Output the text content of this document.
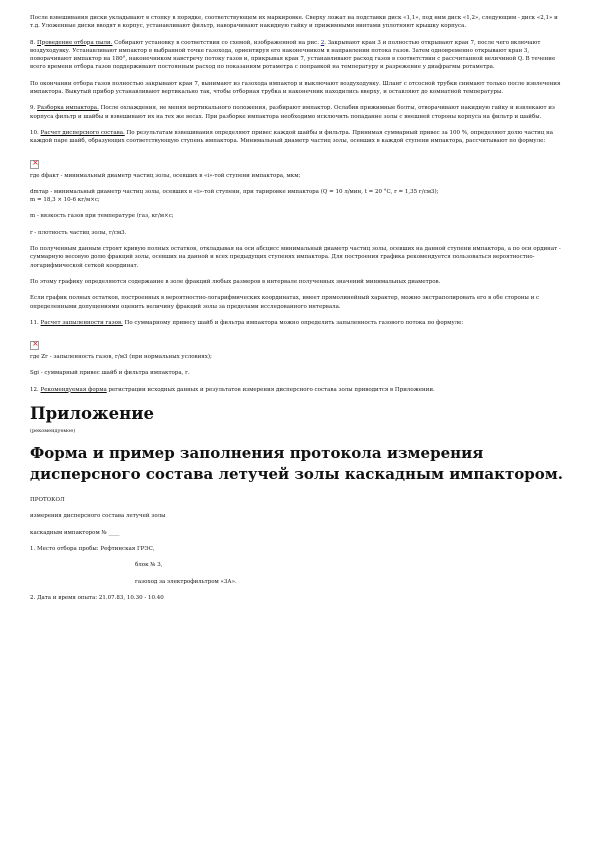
После взвешивания диски укладывают в стопку в порядке, соответствующем их маркировке. Сверху ложат на подставки диск «1,1», под ним диск «1,2», следующим - диск «2,1» и т.д. Уложенные диски вводят в корпус, устанавливают фильтр, наворачивают накидную гайку и прижимными винтами уплотняют крышку корпуса.

8. Проведение отбора пыли. Собирают установку в соответствии со схемой, изображенной на рис. 2. Закрывают кран 3 и полностью открывают кран 7, после чего включают воздуходувку. Устанавливают импактор в выбранной точке газохода, ориентируя его наконечником в направлении потока газов. Затем одновременно открывают кран 3, поворачивают импактор на 180°, наконечником навстречу потоку газов и, прикрывая кран 7, устанавливают расход газов в соответствии с рассчитанной величиной Q. В течение всего времени отбора газов поддерживают постоянным расход по показаниям ротаметра с поправкой на температуру и разрежение у диафрагмы ротаметра.

По окончании отбора газов полностью закрывают кран 7, вынимают из газохода импактор и выключают воздуходувку. Шланг с отсосной трубки снимают только после извлечения импактора. Выкутый прибор устанавливают вертикально так, чтобы отборная трубка и наконечник находились вверху, и оставляют до комнатной температуры.

9. Разборка импактора. После охлаждения, не меняя вертикального положения, разбирают импактор. Ослабив прижимные болты, отворачивают накидную гайку и извлекают из корпуса фильтр и шайбы и взвешивают их на тех же весах. При разборке импактора необходимо исключить попадание золы с внешней стороны корпуса на фильтр и шайбы.

10. Расчет дисперсного состава. По результатам взвешивания определяют привес каждой шайбы и фильтра. Принимая суммарный привес за 100 %, определяют долю частиц на каждой паре шайб, образующих соответствующую ступень импактора. Минимальный диаметр частиц золы, осевших в каждой ступени импактора, рассчитывают по формуле:

×

где dфакт - минимальный диаметр частиц золы, осевших в «i»-той ступени импактора, мкм;

dmтар - минимальный диаметр частиц золы, осевших в «i»-той ступени, при тарировке импактора (Q = 10 л/мин, t = 20 °С, r = 1,35 г/см3);

m = 18,3 × 10-6 кг/м×с;

m - вязкость газов при температуре (газ, кг/м×с;

r - плотность частиц золы, г/см3.

По полученным данным строят кривую полных остатков, откладывая на оси абсцисс минимальный диаметр частиц золы, осевших на данной ступени импактора, а по оси ординат - суммарную весовую долю фракций золы, осевших на данной и всех предыдущих ступенях импактора. Для построения графика рекомендуется пользоваться вероятностно-логарифмической сеткой координат.

По этому графику определяются содержание в золе фракций любых размеров в интервале полученных значений минимальных диаметров.

Если график полных остатков, построенных в вероятностно-логарифмических координатах, имеет прямолинейный характер, можно экстраполировать его в обе стороны и с определенными допущениями оценить величину фракций золы за пределами исследованного интервала.

11. Расчет запыленности газов. По суммарному привесу шайб и фильтра импактора можно определить запыленность газового потока по формуле:

×

где Zг - запыленность газов, г/м3 (при нормальных условиях);

Sgi - суммарный привес шайб и фильтра импактора, г.

12. Рекомендуемая форма регистрации исходных данных и результатов измерения дисперсного состава золы приводится в Приложении.

Приложение

(рекомендуемое)

Форма и пример заполнения протокола измерения дисперсного состава летучей золы каскадным импактором.

ПРОТОКОЛ

измерения дисперсного состава летучей золы

каскадным импактором № ____

1. Место отбора пробы: Рефтинская ГРЭС,

блок № 3,

газоход за электрофильтром «3А».

2. Дата и время опыта: 21.07.83, 10.30 - 10.40
